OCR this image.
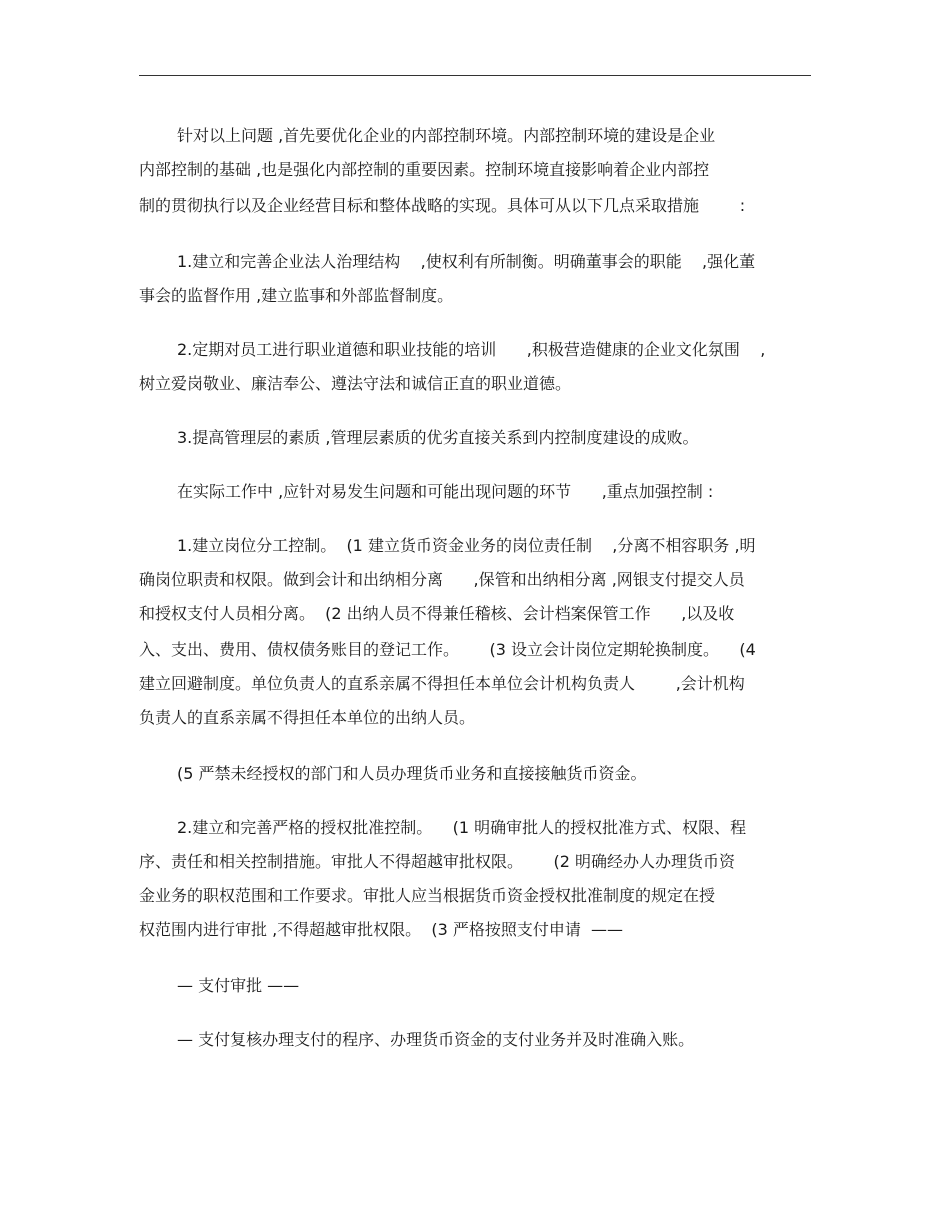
针对以上问题 ,首先要优化企业的内部控制环境。内部控制环境的建设是企业
内部控制的基础 ,也是强化内部控制的重要因素。控制环境直接影响着企业内部控
制的贯彻执行以及企业经营目标和整体战略的实现。具体可从以下几点采取措施        :
1.建立和完善企业法人治理结构    ,使权利有所制衡。明确董事会的职能    ,强化董
事会的监督作用 ,建立监事和外部监督制度。
2.定期对员工进行职业道德和职业技能的培训      ,积极营造健康的企业文化氛围    ,
树立爱岗敬业、廉洁奉公、遵法守法和诚信正直的职业道德。
3.提高管理层的素质 ,管理层素质的优劣直接关系到内控制度建设的成败。
在实际工作中 ,应针对易发生问题和可能出现问题的环节      ,重点加强控制 :
1.建立岗位分工控制。  (1 建立货币资金业务的岗位责任制    ,分离不相容职务 ,明
确岗位职责和权限。做到会计和出纳相分离      ,保管和出纳相分离 ,网银支付提交人员
和授权支付人员相分离。  (2 出纳人员不得兼任稽核、会计档案保管工作      ,以及收
入、支出、费用、债权债务账目的登记工作。      (3 设立会计岗位定期轮换制度。    (4
建立回避制度。单位负责人的直系亲属不得担任本单位会计机构负责人        ,会计机构
负责人的直系亲属不得担任本单位的出纳人员。
(5 严禁未经授权的部门和人员办理货币业务和直接接触货币资金。
2.建立和完善严格的授权批准控制。    (1 明确审批人的授权批准方式、权限、程
序、责任和相关控制措施。审批人不得超越审批权限。      (2 明确经办人办理货币资
金业务的职权范围和工作要求。审批人应当根据货币资金授权批准制度的规定在授
权范围内进行审批 ,不得超越审批权限。  (3 严格按照支付申请  ——
— 支付审批 ——
— 支付复核办理支付的程序、办理货币资金的支付业务并及时准确入账。
